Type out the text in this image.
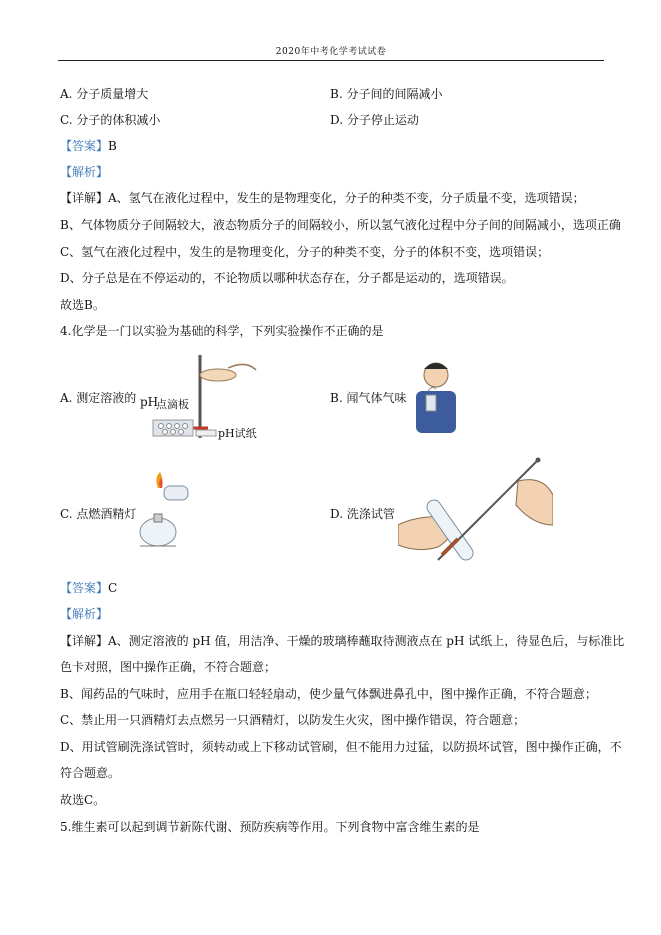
2020年中考化学考试试卷
A. 分子质量增大	B. 分子间的间隔减小
C. 分子的体积减小	D. 分子停止运动
【答案】B
【解析】
【详解】A、氢气在液化过程中，发生的是物理变化，分子的种类不变，分子质量不变，选项错误；
B、气体物质分子间隔较大，液态物质分子的间隔较小，所以氢气液化过程中分子间的间隔减小，选项正确
C、氢气在液化过程中，发生的是物理变化，分子的种类不变，分子的体积不变，选项错误；
D、分子总是在不停运动的，不论物质以哪种状态存在，分子都是运动的，选项错误。
故选B。
4.化学是一门以实验为基础的科学，下列实验操作不正确的是
A. 测定溶液的 pH
点滴板
pH试纸
B. 闻气体气味
C. 点燃酒精灯	D. 洗涤试管
【答案】C
【解析】
【详解】A、测定溶液的 pH 值，用洁净、干燥的玻璃棒蘸取待测液点在 pH 试纸上，待显色后，与标准比
色卡对照，图中操作正确，不符合题意；
B、闻药品的气味时，应用手在瓶口轻轻扇动，使少量气体飘进鼻孔中，图中操作正确，不符合题意；
C、禁止用一只酒精灯去点燃另一只酒精灯，以防发生火灾，图中操作错误，符合题意；
D、用试管刷洗涤试管时，须转动或上下移动试管刷，但不能用力过猛，以防损坏试管，图中操作正确，不
符合题意。
故选C。
5.维生素可以起到调节新陈代谢、预防疾病等作用。下列食物中富含维生素的是
